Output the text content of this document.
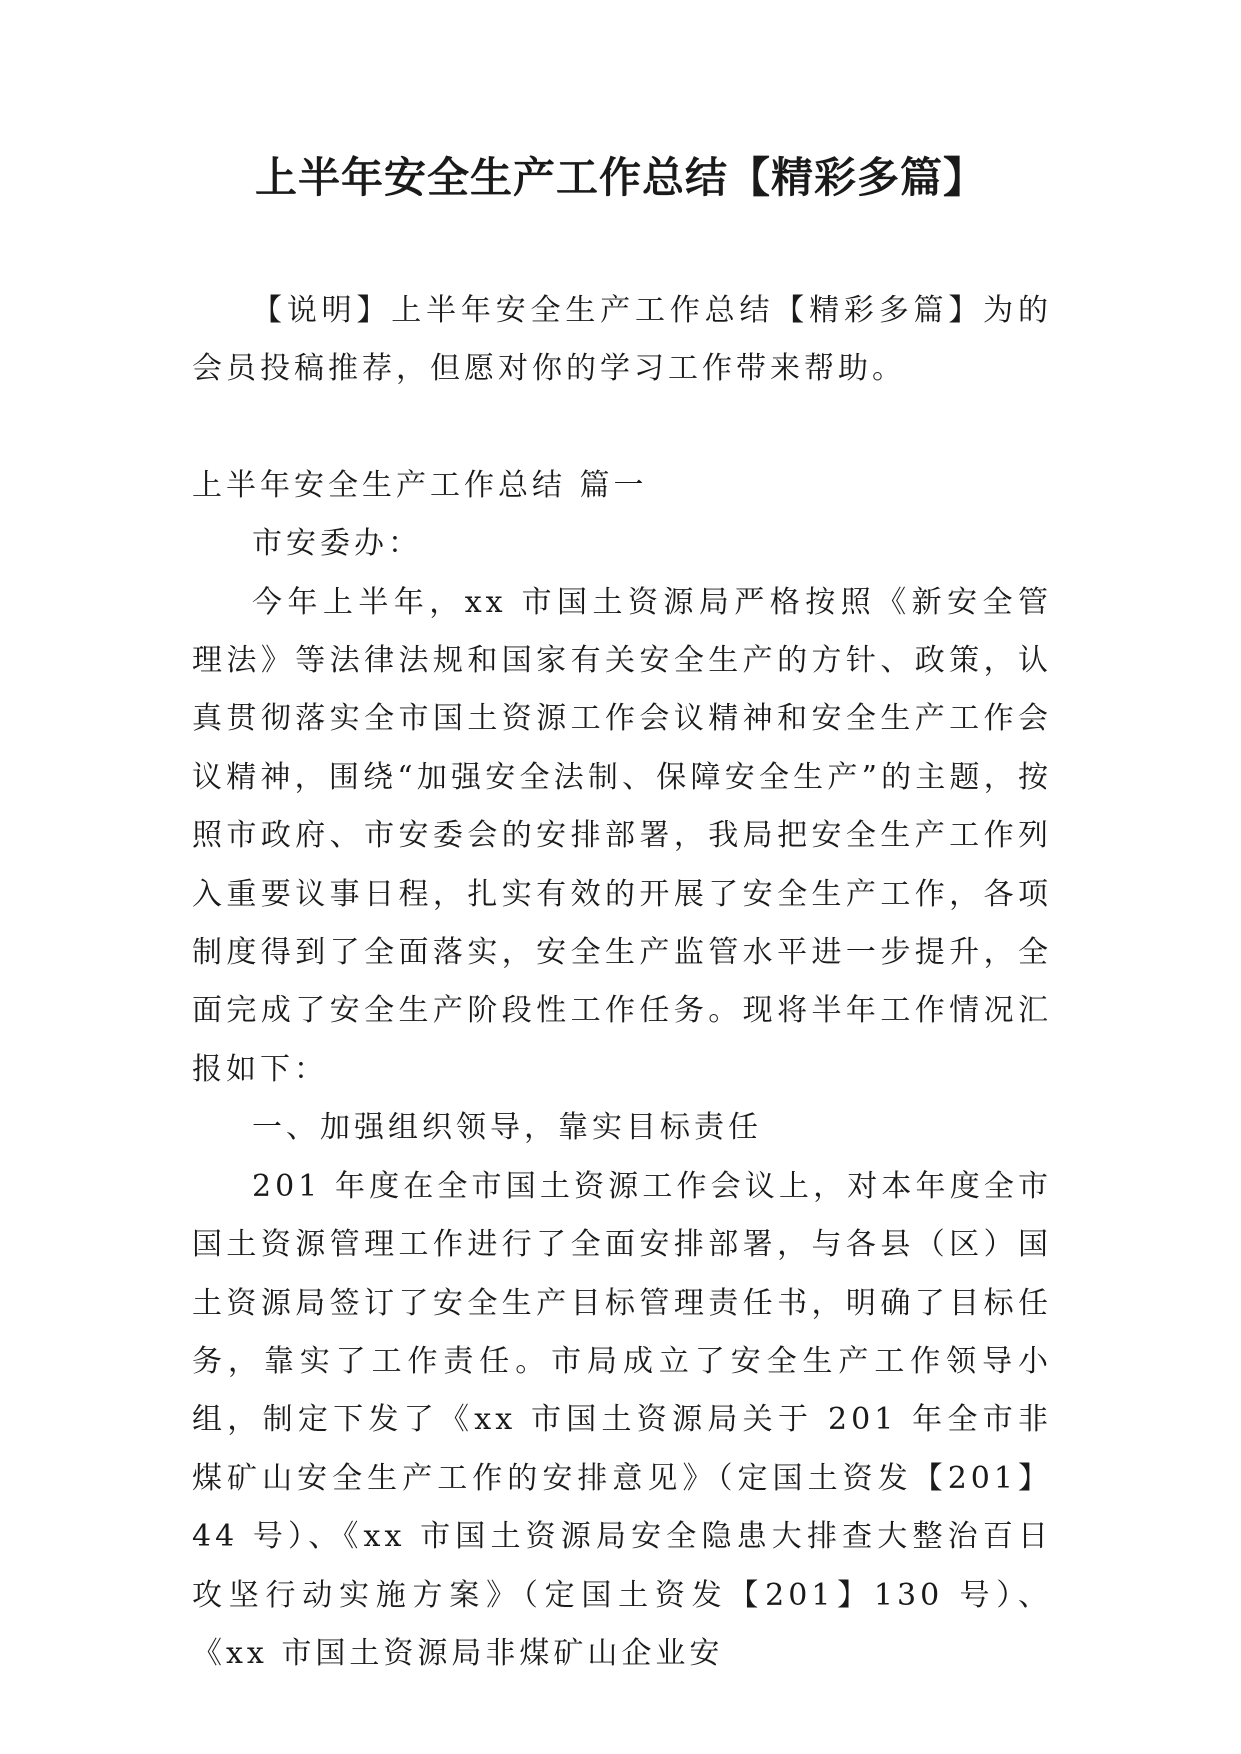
上半年安全生产工作总结【精彩多篇】

【说明】上半年安全生产工作总结【精彩多篇】为的会员投稿推荐，但愿对你的学习工作带来帮助。

上半年安全生产工作总结 篇一

市安委办：

今年上半年，xx 市国土资源局严格按照《新安全管理法》等法律法规和国家有关安全生产的方针、政策，认真贯彻落实全市国土资源工作会议精神和安全生产工作会议精神，围绕“加强安全法制、保障安全生产”的主题，按照市政府、市安委会的安排部署，我局把安全生产工作列入重要议事日程，扎实有效的开展了安全生产工作，各项制度得到了全面落实，安全生产监管水平进一步提升，全面完成了安全生产阶段性工作任务。现将半年工作情况汇报如下：

一、加强组织领导，靠实目标责任

201 年度在全市国土资源工作会议上，对本年度全市国土资源管理工作进行了全面安排部署，与各县（区）国土资源局签订了安全生产目标管理责任书，明确了目标任务，靠实了工作责任。市局成立了安全生产工作领导小组，制定下发了《xx 市国土资源局关于 201 年全市非煤矿山安全生产工作的安排意见》（定国土资发【201】44 号）、《xx 市国土资源局安全隐患大排查大整治百日攻坚行动实施方案》（定国土资发【201】130 号）、《xx 市国土资源局非煤矿山企业安
